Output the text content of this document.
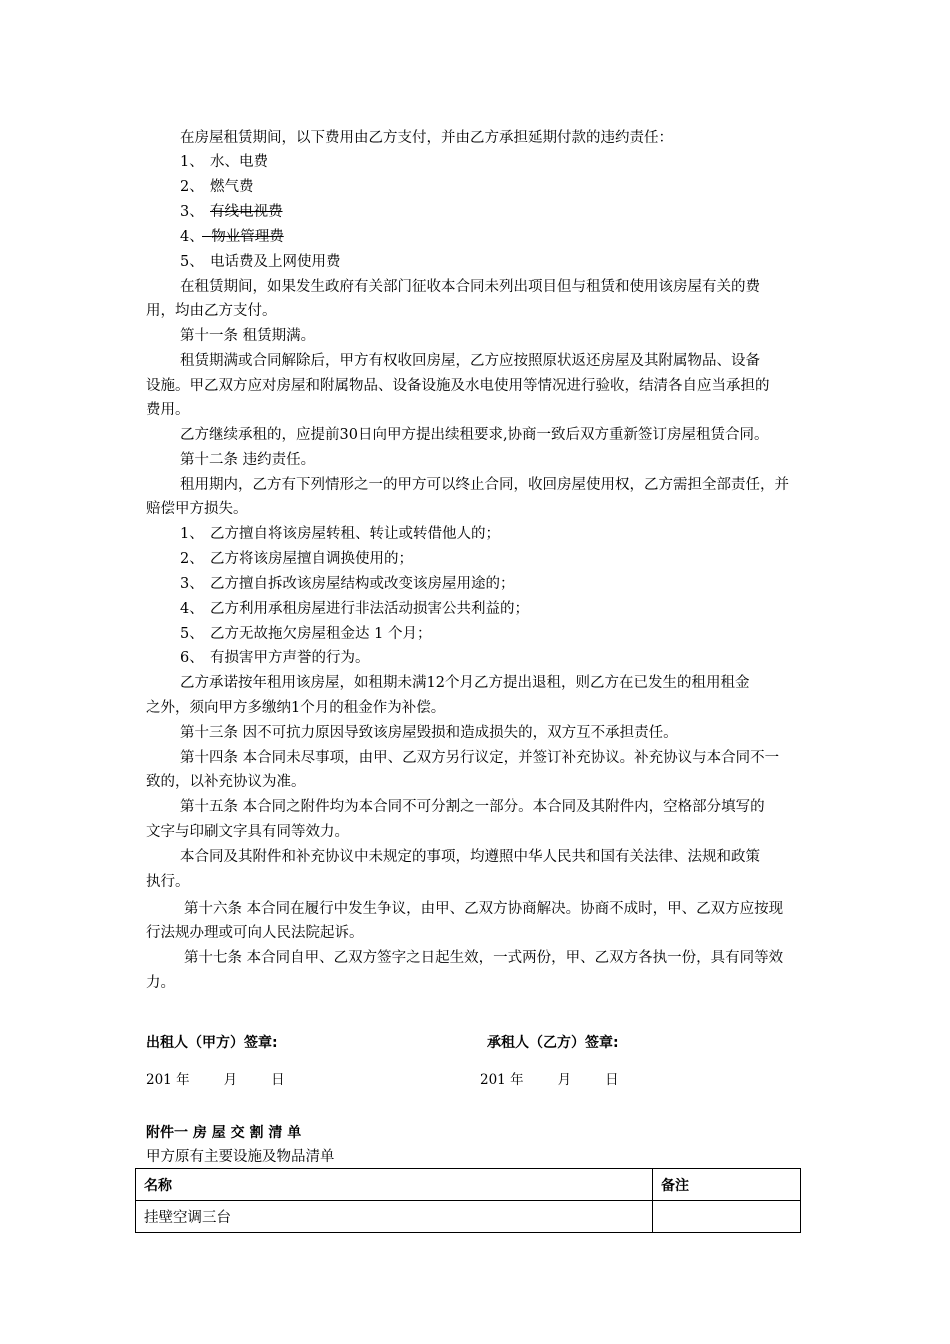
在房屋租赁期间，以下费用由乙方支付，并由乙方承担延期付款的违约责任：
1、 水、电费
2、 燃气费
3、 有线电视费
4、 物业管理费
5、 电话费及上网使用费
在租赁期间，如果发生政府有关部门征收本合同未列出项目但与租赁和使用该房屋有关的费
用，均由乙方支付。
第十一条 租赁期满。
租赁期满或合同解除后，甲方有权收回房屋，乙方应按照原状返还房屋及其附属物品、设备
设施。甲乙双方应对房屋和附属物品、设备设施及水电使用等情况进行验收，结清各自应当承担的
费用。
乙方继续承租的，应提前30日向甲方提出续租要求,协商一致后双方重新签订房屋租赁合同。
第十二条 违约责任。
租用期内，乙方有下列情形之一的甲方可以终止合同，收回房屋使用权，乙方需担全部责任，并
赔偿甲方损失。
1、 乙方擅自将该房屋转租、转让或转借他人的；
2、 乙方将该房屋擅自调换使用的；
3、 乙方擅自拆改该房屋结构或改变该房屋用途的；
4、 乙方利用承租房屋进行非法活动损害公共利益的；
5、 乙方无故拖欠房屋租金达 1 个月；
6、 有损害甲方声誉的行为。
乙方承诺按年租用该房屋，如租期未满12个月乙方提出退租，则乙方在已发生的租用租金
之外，须向甲方多缴纳1个月的租金作为补偿。
第十三条 因不可抗力原因导致该房屋毁损和造成损失的，双方互不承担责任。
第十四条 本合同未尽事项，由甲、乙双方另行议定，并签订补充协议。补充协议与本合同不一
致的，以补充协议为准。
第十五条 本合同之附件均为本合同不可分割之一部分。本合同及其附件内，空格部分填写的
文字与印刷文字具有同等效力。
本合同及其附件和补充协议中未规定的事项，均遵照中华人民共和国有关法律、法规和政策
执行。
第十六条 本合同在履行中发生争议，由甲、乙双方协商解决。协商不成时，甲、乙双方应按现
行法规办理或可向人民法院起诉。
第十七条 本合同自甲、乙双方签字之日起生效，一式两份，甲、乙双方各执一份，具有同等效
力。
出租人（甲方）签章:	承租人（乙方）签章:
201 年	月	日	201 年	月	日
附件一 房 屋 交 割 清 单
甲方原有主要设施及物品清单
名称	备注
挂壁空调三台	
